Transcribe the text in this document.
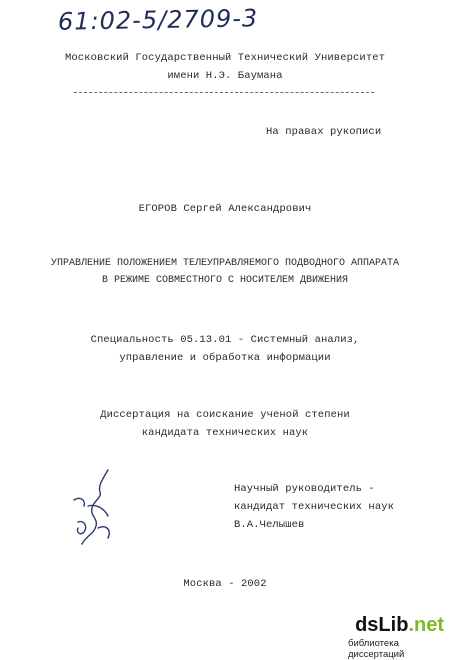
61:02-5/2709-3
Московский Государственный Технический Университет
имени Н.Э. Баумана
На правах рукописи
ЕГОРОВ Сергей Александрович
УПРАВЛЕНИЕ ПОЛОЖЕНИЕМ ТЕЛЕУПРАВЛЯЕМОГО ПОДВОДНОГО АППАРАТА
В РЕЖИМЕ СОВМЕСТНОГО С НОСИТЕЛЕМ ДВИЖЕНИЯ
Специальность 05.13.01 - Системный анализ,
управление и обработка информации
Диссертация на соискание ученой степени
кандидата технических наук
Научный руководитель -
кандидат технических наук
В.А.Челышев
Москва - 2002
dsLib.net
библиотека диссертаций
